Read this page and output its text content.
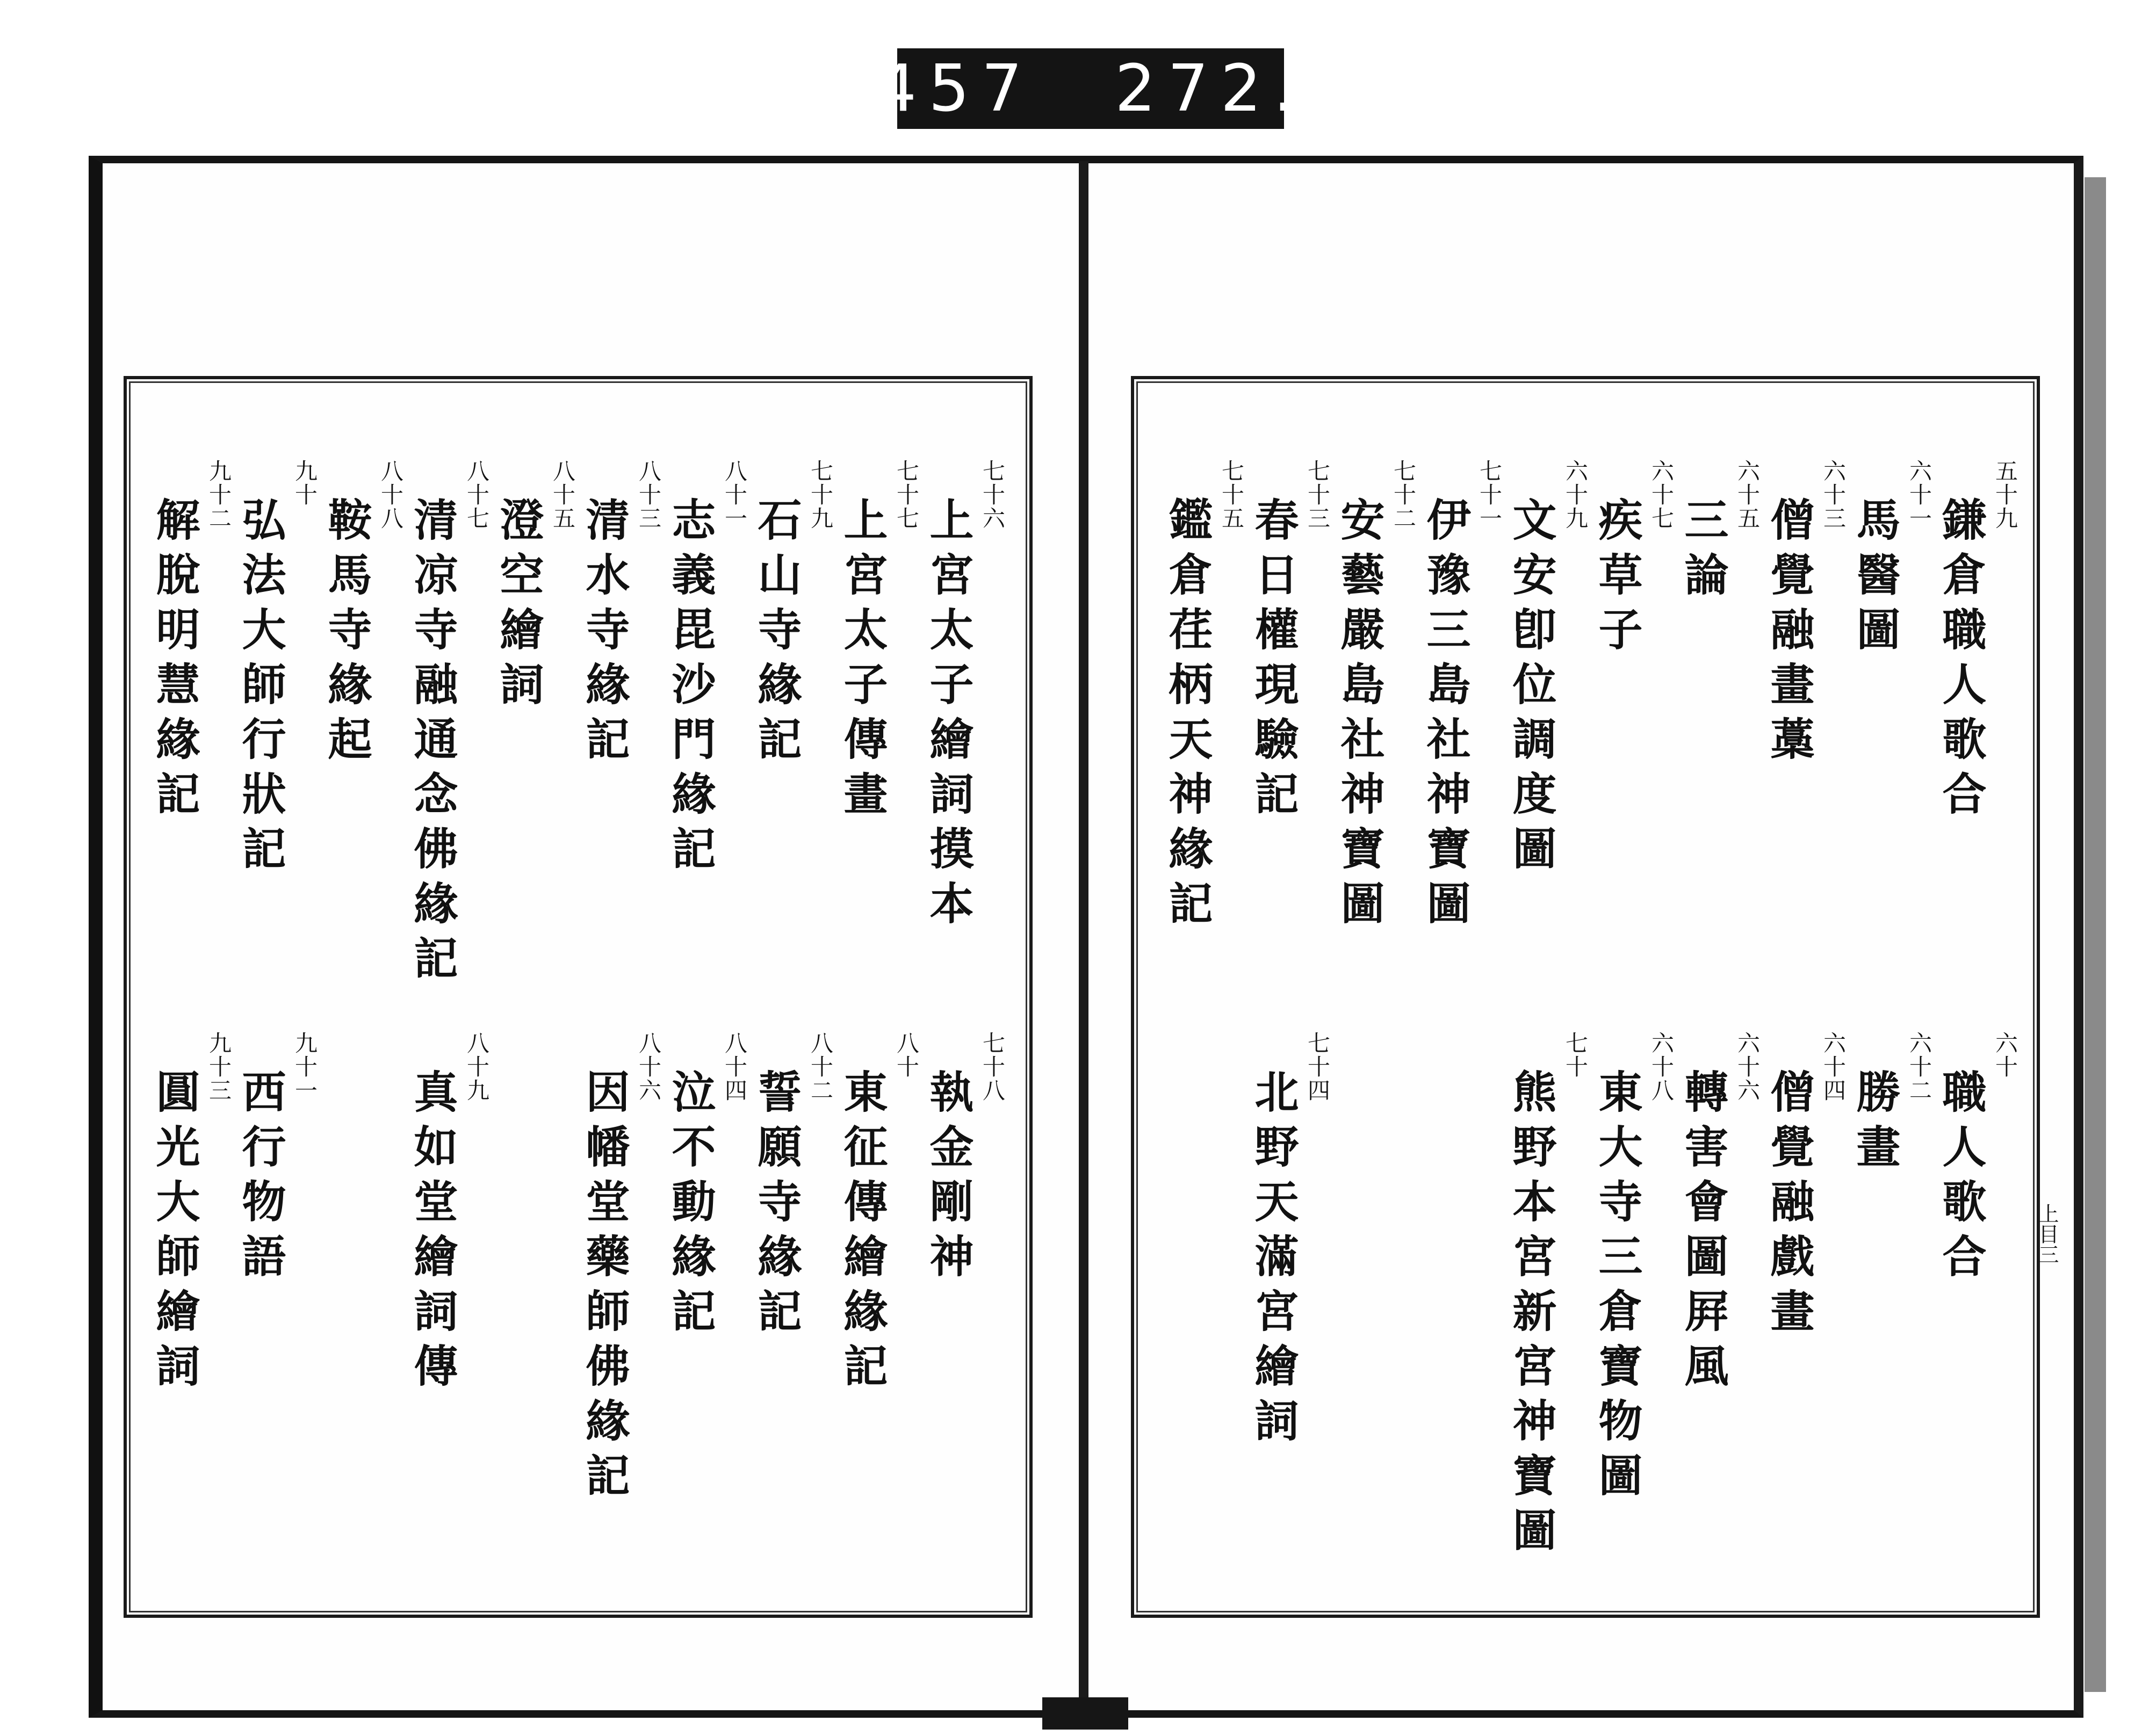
457 272.
五十九
鎌倉職人歌合
六十
職人歌合
六十一
馬醫圖
六十二
勝畫
六十三
僧覺融畫藁
六十四
僧覺融戲畫
六十五
三論
六十六
轉害會圖屛風
六十七
疾草子
六十八
東大寺三倉寶物圖
六十九
文安卽位調度圖
七十
熊野本宮新宮神寶圖
七十一
伊豫三島社神寶圖
七十二
安藝嚴島社神寶圖
七十三
春日權現驗記
七十四
北野天滿宮繪詞
七十五
鑑倉荏柄天神緣記
七十六
上宮太子繪詞摸本
七十八
執金剛神
七十七
上宮太子傳畫
八十
東征傳繪緣記
七十九
石山寺緣記
八十二
誓願寺緣記
八十一
志義毘沙門緣記
八十四
泣不動緣記
八十三
清水寺緣記
八十六
因幡堂藥師佛緣記
八十五
澄空繪詞
八十七
清凉寺融通念佛緣記
八十九
真如堂繪詞傳
八十八
鞍馬寺緣起
九十
弘法大師行狀記
九十一
西行物語
九十二
解脫明慧緣記
九十三
圓光大師繪詞	上目三
